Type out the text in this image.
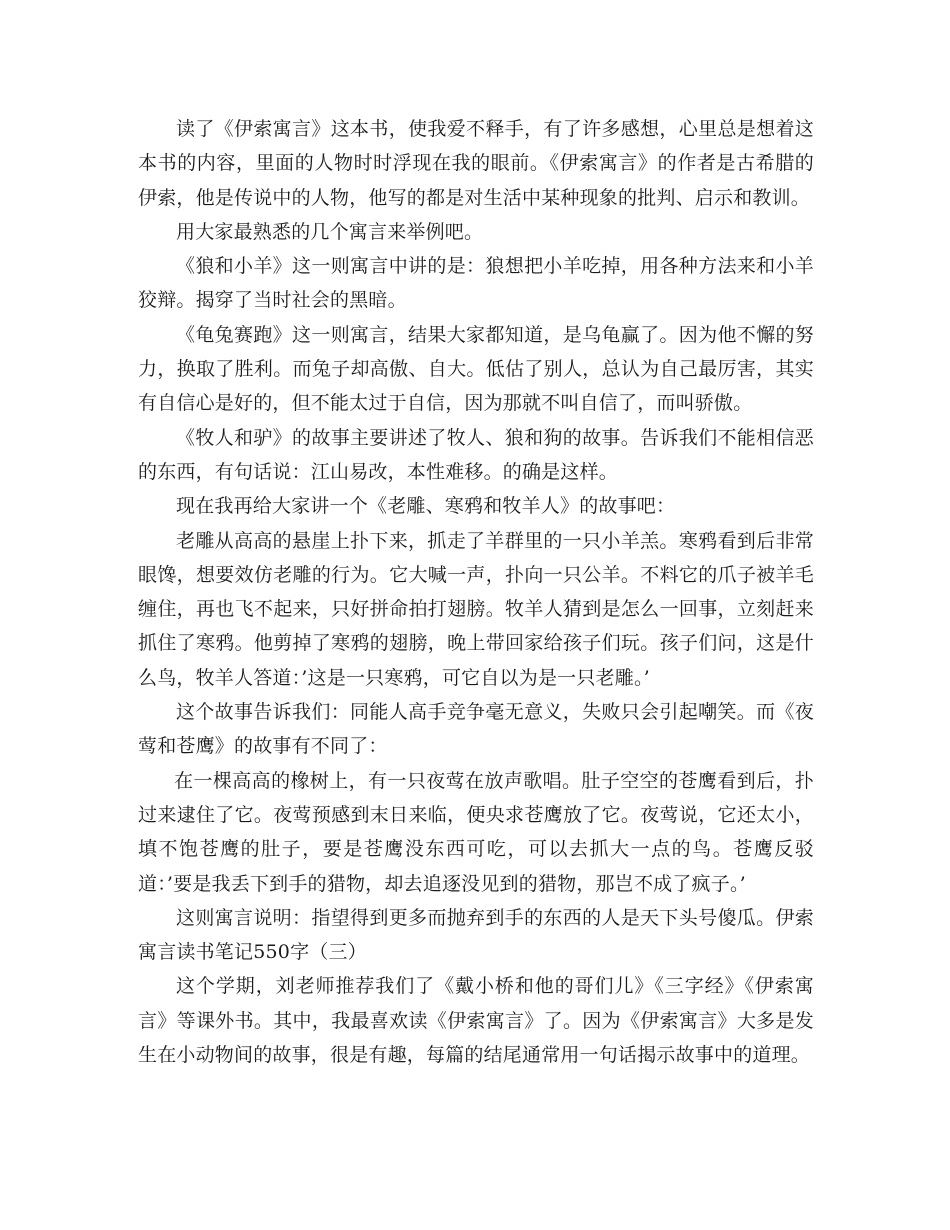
读了《伊索寓言》这本书，使我爱不释手，有了许多感想，心里总是想着这本书的内容，里面的人物时时浮现在我的眼前。《伊索寓言》的作者是古希腊的伊索，他是传说中的人物，他写的都是对生活中某种现象的批判、启示和教训。

用大家最熟悉的几个寓言来举例吧。

《狼和小羊》这一则寓言中讲的是：狼想把小羊吃掉，用各种方法来和小羊狡辩。揭穿了当时社会的黑暗。

《龟兔赛跑》这一则寓言，结果大家都知道，是乌龟赢了。因为他不懈的努力，换取了胜利。而兔子却高傲、自大。低估了别人，总认为自己最厉害，其实有自信心是好的，但不能太过于自信，因为那就不叫自信了，而叫骄傲。

《牧人和驴》的故事主要讲述了牧人、狼和狗的故事。告诉我们不能相信恶的东西，有句话说：江山易改，本性难移。的确是这样。

现在我再给大家讲一个《老雕、寒鸦和牧羊人》的故事吧：

老雕从高高的悬崖上扑下来，抓走了羊群里的一只小羊羔。寒鸦看到后非常眼馋，想要效仿老雕的行为。它大喊一声，扑向一只公羊。不料它的爪子被羊毛缠住，再也飞不起来，只好拼命拍打翅膀。牧羊人猜到是怎么一回事，立刻赶来抓住了寒鸦。他剪掉了寒鸦的翅膀，晚上带回家给孩子们玩。孩子们问，这是什么鸟，牧羊人答道：’这是一只寒鸦，可它自以为是一只老雕。’

这个故事告诉我们：同能人高手竞争毫无意义，失败只会引起嘲笑。而《夜莺和苍鹰》的故事有不同了：

在一棵高高的橡树上，有一只夜莺在放声歌唱。肚子空空的苍鹰看到后，扑过来逮住了它。夜莺预感到末日来临，便央求苍鹰放了它。夜莺说，它还太小，填不饱苍鹰的肚子，要是苍鹰没东西可吃，可以去抓大一点的鸟。苍鹰反驳道：’要是我丢下到手的猎物，却去追逐没见到的猎物，那岂不成了疯子。’

这则寓言说明：指望得到更多而抛弃到手的东西的人是天下头号傻瓜。伊索寓言读书笔记550字（三）

这个学期，刘老师推荐我们了《戴小桥和他的哥们儿》《三字经》《伊索寓言》等课外书。其中，我最喜欢读《伊索寓言》了。因为《伊索寓言》大多是发生在小动物间的故事，很是有趣，每篇的结尾通常用一句话揭示故事中的道理。
